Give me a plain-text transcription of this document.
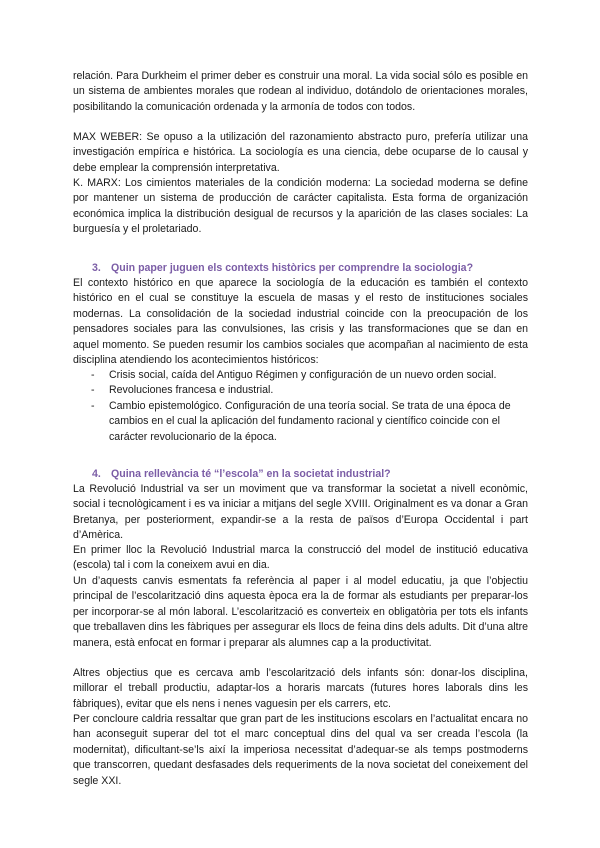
relación. Para Durkheim el primer deber es construir una moral. La vida social sólo es posible en un sistema de ambientes morales que rodean al individuo, dotándolo de orientaciones morales, posibilitando la comunicación ordenada y la armonía de todos con todos.

MAX WEBER: Se opuso a la utilización del razonamiento abstracto puro, prefería utilizar una investigación empírica e histórica. La sociología es una ciencia, debe ocuparse de lo causal y debe emplear la comprensión interpretativa.

K. MARX: Los cimientos materiales de la condición moderna: La sociedad moderna se define por mantener un sistema de producción de carácter capitalista. Esta forma de organización económica implica la distribución desigual de recursos y la aparición de las clases sociales: La burguesía y el proletariado.

3. Quin paper juguen els contexts històrics per comprendre la sociologia?

El contexto histórico en que aparece la sociología de la educación es también el contexto histórico en el cual se constituye la escuela de masas y el resto de instituciones sociales modernas. La consolidación de la sociedad industrial coincide con la preocupación de los pensadores sociales para las convulsiones, las crisis y las transformaciones que se dan en aquel momento. Se pueden resumir los cambios sociales que acompañan al nacimiento de esta disciplina atendiendo los acontecimientos históricos:

- Crisis social, caída del Antiguo Régimen y configuración de un nuevo orden social.
- Revoluciones francesa e industrial.
- Cambio epistemológico. Configuración de una teoría social. Se trata de una época de cambios en el cual la aplicación del fundamento racional y científico coincide con el carácter revolucionario de la época.

4. Quina rellevància té “l’escola” en la societat industrial?

La Revolució Industrial va ser un moviment que va transformar la societat a nivell econòmic, social i tecnològicament i es va iniciar a mitjans del segle XVIII. Originalment es va donar a Gran Bretanya, per posteriorment, expandir-se a la resta de països d’Europa Occidental i part d’Amèrica.

En primer lloc la Revolució Industrial marca la construcció del model de institució educativa (escola) tal i com la coneixem avui en dia.

Un d’aquests canvis esmentats fa referència al paper i al model educatiu, ja que l’objectiu principal de l’escolarització dins aquesta època era la de formar als estudiants per preparar-los per incorporar-se al món laboral. L’escolarització es converteix en obligatòria per tots els infants que treballaven dins les fàbriques per assegurar els llocs de feina dins dels adults. Dit d’una altre manera, està enfocat en formar i preparar als alumnes cap a la productivitat.

Altres objectius que es cercava amb l’escolarització dels infants són: donar-los disciplina, millorar el treball productiu, adaptar-los a horaris marcats (futures hores laborals dins les fàbriques), evitar que els nens i nenes vaguesin per els carrers, etc.

Per concloure caldria ressaltar que gran part de les institucions escolars en l’actualitat encara no han aconseguit superar del tot el marc conceptual dins del qual va ser creada l’escola (la modernitat), dificultant-se’ls així la imperiosa necessitat d’adequar-se als temps postmoderns que transcorren, quedant desfasades dels requeriments de la nova societat del coneixement del segle XXI.
